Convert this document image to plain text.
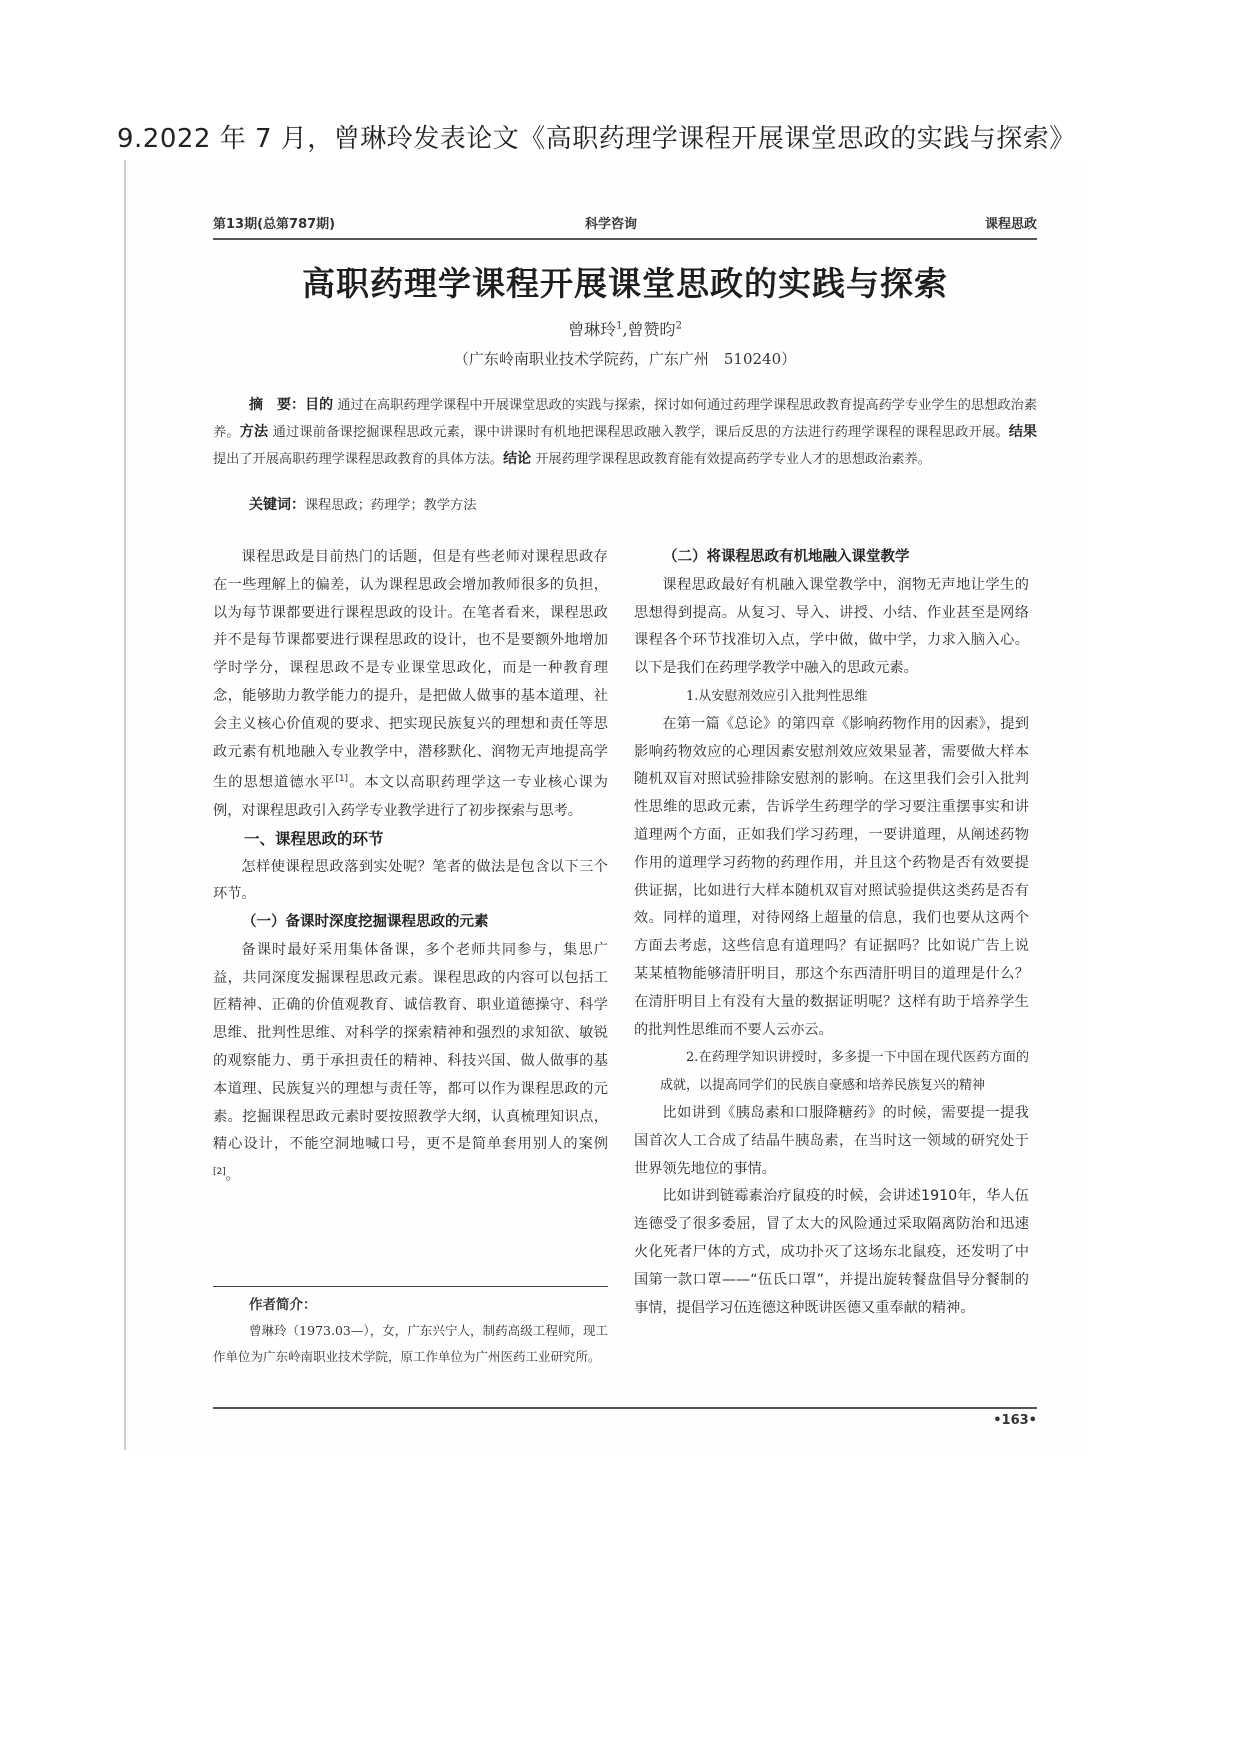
9.2022 年 7 月，曾琳玲发表论文《高职药理学课程开展课堂思政的实践与探索》
第13期(总第787期)	科学咨询	课程思政
高职药理学课程开展课堂思政的实践与探索
曾琳玲$^1$,曾赞昀$^2$
（广东岭南职业技术学院药，广东广州　510240）
摘　要：目的 通过在高职药理学课程中开展课堂思政的实践与探索，探讨如何通过药理学课程思政教育提高药学专业学生的思想政治素养。方法 通过课前备课挖掘课程思政元素，课中讲课时有机地把课程思政融入教学，课后反思的方法进行药理学课程的课程思政开展。结果 提出了开展高职药理学课程思政教育的具体方法。结论 开展药理学课程思政教育能有效提高药学专业人才的思想政治素养。
关键词：课程思政；药理学；教学方法

课程思政是目前热门的话题，但是有些老师对课程思政存在一些理解上的偏差，认为课程思政会增加教师很多的负担，以为每节课都要进行课程思政的设计。在笔者看来，课程思政并不是每节课都要进行课程思政的设计，也不是要额外地增加学时学分，课程思政不是专业课堂思政化，而是一种教育理念，能够助力教学能力的提升，是把做人做事的基本道理、社会主义核心价值观的要求、把实现民族复兴的理想和责任等思政元素有机地融入专业教学中，潜移默化、润物无声地提高学生的思想道德水平[1]。本文以高职药理学这一专业核心课为例，对课程思政引入药学专业教学进行了初步探索与思考。

一、课程思政的环节

怎样使课程思政落到实处呢？笔者的做法是包含以下三个环节。

（一）备课时深度挖掘课程思政的元素

备课时最好采用集体备课，多个老师共同参与，集思广益，共同深度发掘课程思政元素。课程思政的内容可以包括工匠精神、正确的价值观教育、诚信教育、职业道德操守、科学思维、批判性思维、对科学的探索精神和强烈的求知欲、敏锐的观察能力、勇于承担责任的精神、科技兴国、做人做事的基本道理、民族复兴的理想与责任等，都可以作为课程思政的元素。挖掘课程思政元素时要按照教学大纲，认真梳理知识点，精心设计，不能空洞地喊口号，更不是简单套用别人的案例[2]。

（二）将课程思政有机地融入课堂教学

课程思政最好有机融入课堂教学中，润物无声地让学生的思想得到提高。从复习、导入、讲授、小结、作业甚至是网络课程各个环节找准切入点，学中做，做中学，力求入脑入心。以下是我们在药理学教学中融入的思政元素。

1.从安慰剂效应引入批判性思维

在第一篇《总论》的第四章《影响药物作用的因素》，提到影响药物效应的心理因素安慰剂效应效果显著，需要做大样本随机双盲对照试验排除安慰剂的影响。在这里我们会引入批判性思维的思政元素，告诉学生药理学的学习要注重摆事实和讲道理两个方面，正如我们学习药理，一要讲道理，从阐述药物作用的道理学习药物的药理作用，并且这个药物是否有效要提供证据，比如进行大样本随机双盲对照试验提供这类药是否有效。同样的道理，对待网络上超量的信息，我们也要从这两个方面去考虑，这些信息有道理吗？有证据吗？比如说广告上说某某植物能够清肝明目，那这个东西清肝明目的道理是什么？在清肝明目上有没有大量的数据证明呢？这样有助于培养学生的批判性思维而不要人云亦云。

2.在药理学知识讲授时，多多提一下中国在现代医药方面的成就，以提高同学们的民族自豪感和培养民族复兴的精神

比如讲到《胰岛素和口服降糖药》的时候，需要提一提我国首次人工合成了结晶牛胰岛素，在当时这一领域的研究处于世界领先地位的事情。

比如讲到链霉素治疗鼠疫的时候，会讲述1910年，华人伍连德受了很多委屈，冒了太大的风险通过采取隔离防治和迅速火化死者尸体的方式，成功扑灭了这场东北鼠疫，还发明了中国第一款口罩——“伍氏口罩”，并提出旋转餐盘倡导分餐制的事情，提倡学习伍连德这种既讲医德又重奉献的精神。

作者简介：

曾琳玲（1973.03—），女，广东兴宁人，制药高级工程师，现工作单位为广东岭南职业技术学院，原工作单位为广州医药工业研究所。

•163•
